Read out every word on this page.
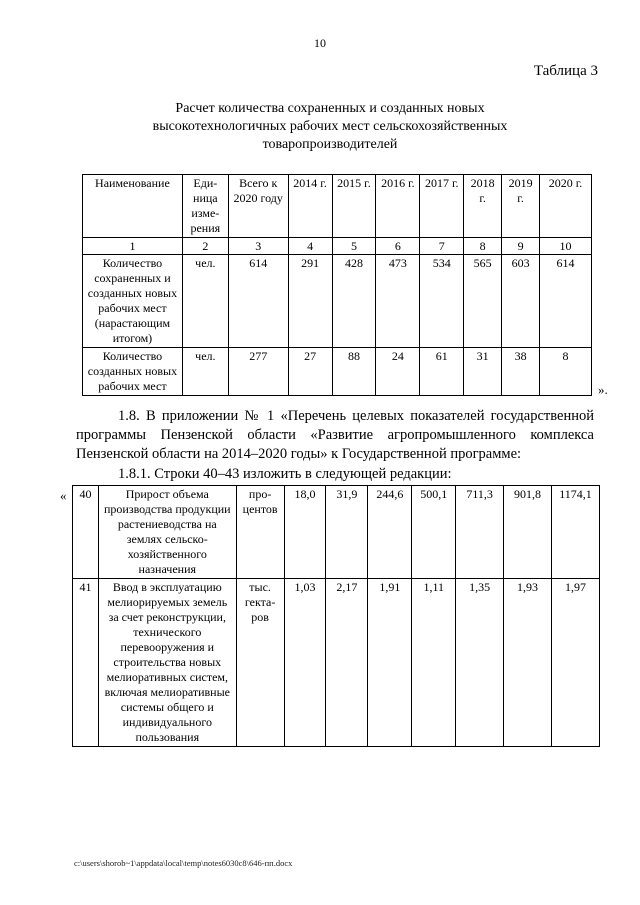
10
Таблица 3
Расчет количества сохраненных и созданных новых высокотехнологичных рабочих мест сельскохозяйственных товаропроизводителей
Наименование	Еди-ница изме-рения	Всего к 2020 году	2014 г.	2015 г.	2016 г.	2017 г.	2018 г.	2019 г.	2020 г.
1	2	3	4	5	6	7	8	9	10
Количество сохраненных и созданных новых рабочих мест (нарастающим итогом)	чел.	614	291	428	473	534	565	603	614
Количество созданных новых рабочих мест	чел.	277	27	88	24	61	31	38	8
».

1.8. В приложении № 1 «Перечень целевых показателей государственной программы Пензенской области «Развитие агропромышленного комплекса Пензенской области на 2014–2020 годы» к Государственной программе:

1.8.1. Строки 40–43 изложить в следующей редакции:

« 40	Прирост объема производства продукции растениеводства на землях сельско-хозяйственного назначения	про-центов	18,0	31,9	244,6	500,1	711,3	901,8	1174,1
41	Ввод в эксплуатацию мелиорируемых земель за счет реконструкции, технического перевооружения и строительства новых мелиоративных систем, включая мелиоративные системы общего и индивидуального пользования	тыс. гекта-ров	1,03	2,17	1,91	1,11	1,35	1,93	1,97
c:\users\shorob~1\appdata\local\temp\notes6030c8\646-пп.docx
